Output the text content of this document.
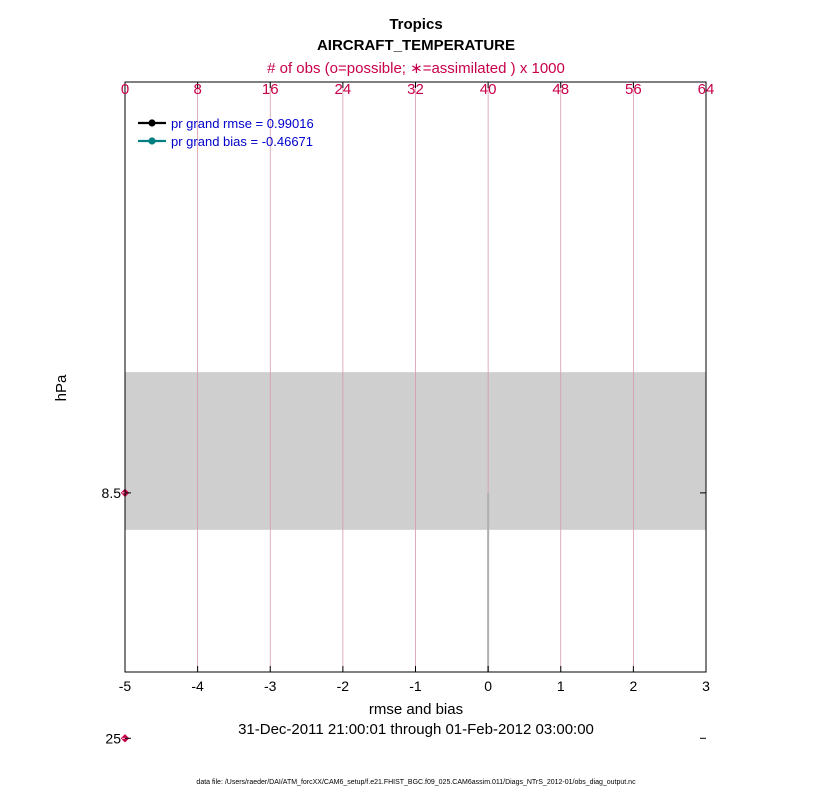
-5	-4	-3	-2	-1	0	1	2	3
0	8	16	24	32	40	48	56	64
8.5
25
Tropics
AIRCRAFT_TEMPERATURE
# of obs (o=possible; ∗=assimilated ) x 1000
rmse and bias
31-Dec-2011 21:00:01 through 01-Feb-2012 03:00:00
hPa
data file: /Users/raeder/DAI/ATM_forcXX/CAM6_setup/f.e21.FHIST_BGC.f09_025.CAM6assim.011/Diags_NTrS_2012-01/obs_diag_output.nc
pr grand rmse = 0.99016
pr grand bias = -0.46671
